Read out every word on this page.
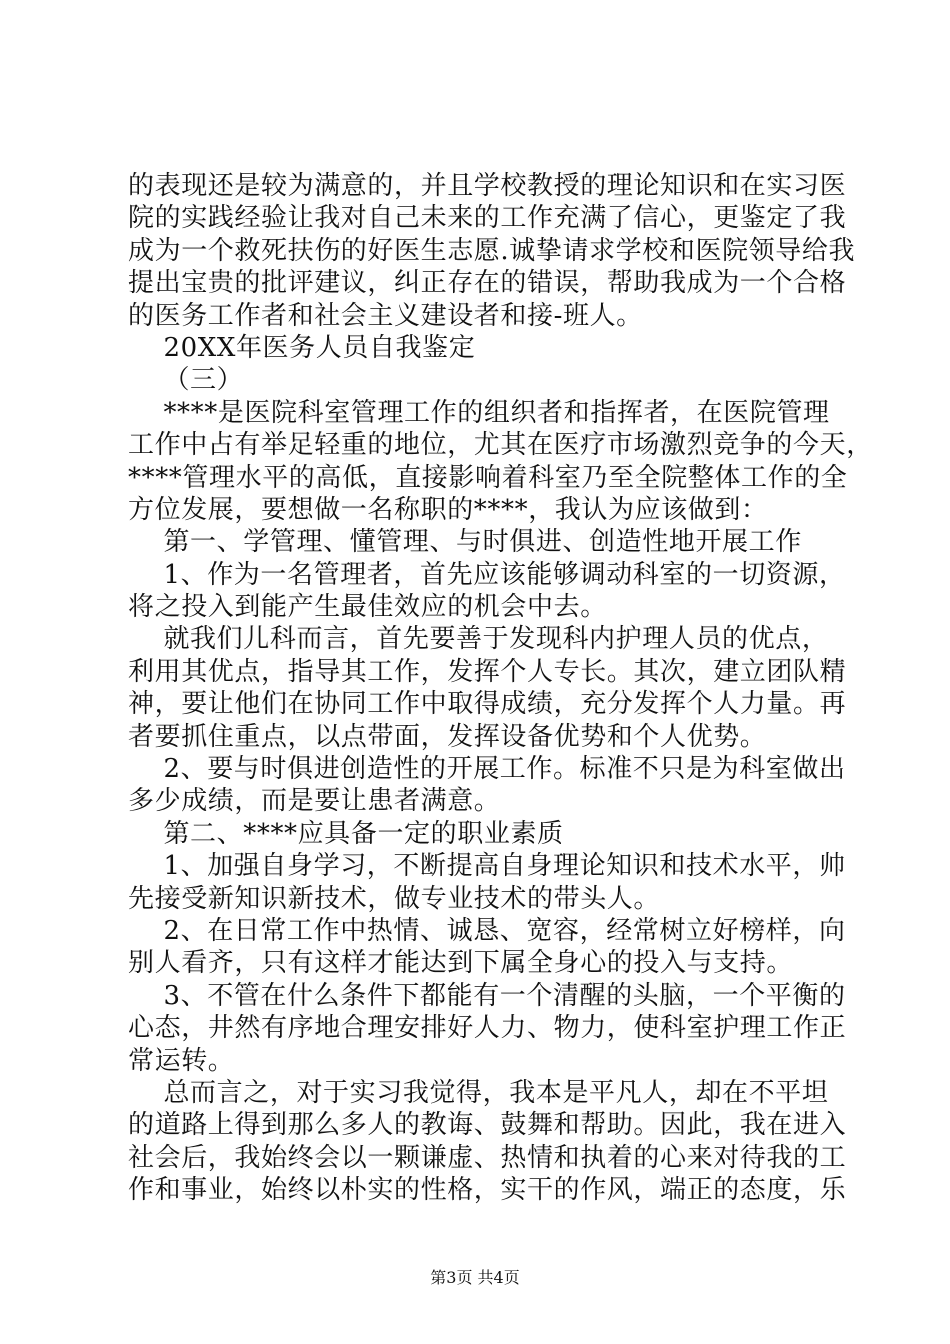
的表现还是较为满意的，并且学校教授的理论知识和在实习医
院的实践经验让我对自己未来的工作充满了信心，更鉴定了我
成为一个救死扶伤的好医生志愿.诚挚请求学校和医院领导给我
提出宝贵的批评建议，纠正存在的错误，帮助我成为一个合格
的医务工作者和社会主义建设者和接-班人。
20XX年医务人员自我鉴定
（三）
****是医院科室管理工作的组织者和指挥者，在医院管理
工作中占有举足轻重的地位，尤其在医疗市场激烈竞争的今天，
****管理水平的高低，直接影响着科室乃至全院整体工作的全
方位发展，要想做一名称职的****，我认为应该做到：
第一、学管理、懂管理、与时俱进、创造性地开展工作
1、作为一名管理者，首先应该能够调动科室的一切资源，
将之投入到能产生最佳效应的机会中去。
就我们儿科而言，首先要善于发现科内护理人员的优点，
利用其优点，指导其工作，发挥个人专长。其次，建立团队精
神，要让他们在协同工作中取得成绩，充分发挥个人力量。再
者要抓住重点，以点带面，发挥设备优势和个人优势。
2、要与时俱进创造性的开展工作。标准不只是为科室做出
多少成绩，而是要让患者满意。
第二、****应具备一定的职业素质
1、加强自身学习，不断提高自身理论知识和技术水平，帅
先接受新知识新技术，做专业技术的带头人。
2、在日常工作中热情、诚恳、宽容，经常树立好榜样，向
别人看齐，只有这样才能达到下属全身心的投入与支持。
3、不管在什么条件下都能有一个清醒的头脑，一个平衡的
心态，井然有序地合理安排好人力、物力，使科室护理工作正
常运转。
总而言之，对于实习我觉得，我本是平凡人，却在不平坦
的道路上得到那么多人的教诲、鼓舞和帮助。因此，我在进入
社会后，我始终会以一颗谦虚、热情和执着的心来对待我的工
作和事业，始终以朴实的性格，实干的作风，端正的态度，乐
第3页 共4页
